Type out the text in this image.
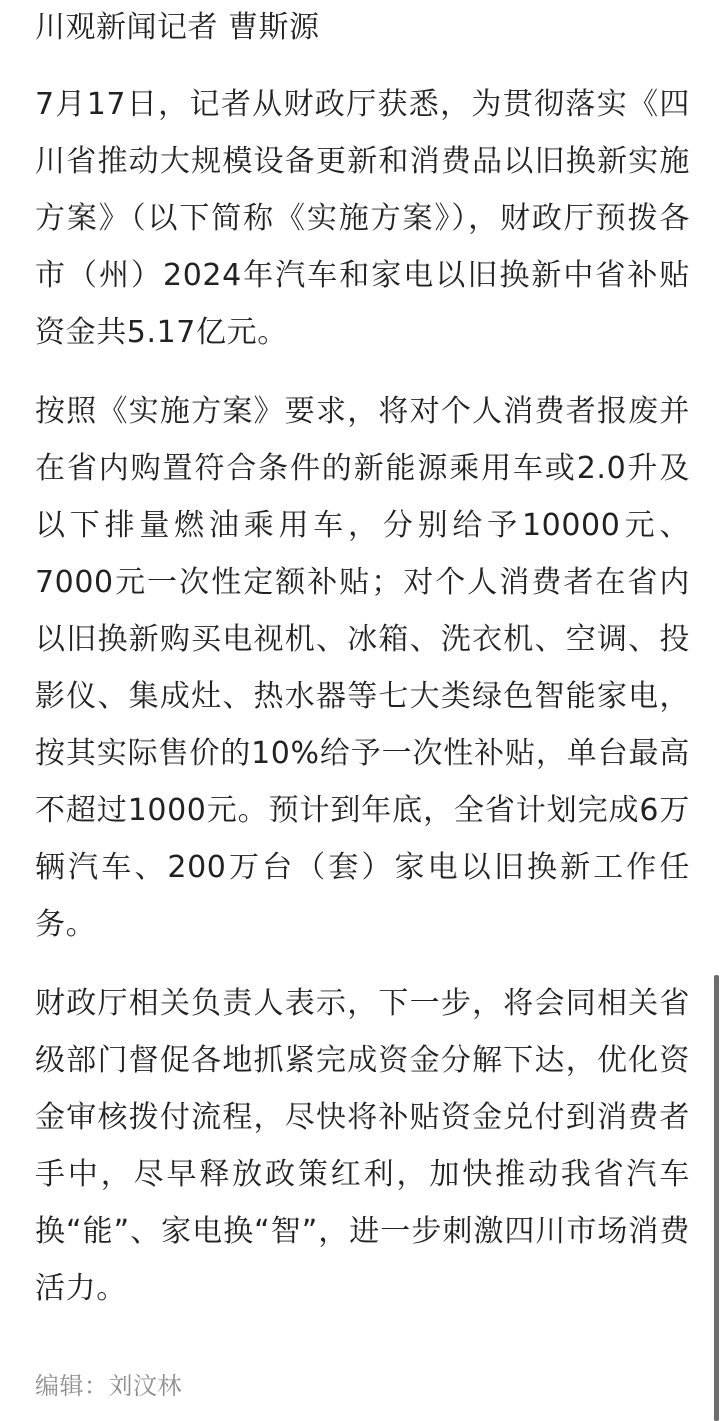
川观新闻记者 曹斯源

7月17日，记者从财政厅获悉，为贯彻落实《四川省推动大规模设备更新和消费品以旧换新实施方案》（以下简称《实施方案》），财政厅预拨各市（州）2024年汽车和家电以旧换新中省补贴资金共5.17亿元。

按照《实施方案》要求，将对个人消费者报废并在省内购置符合条件的新能源乘用车或2.0升及以下排量燃油乘用车，分别给予10000元、7000元一次性定额补贴；对个人消费者在省内以旧换新购买电视机、冰箱、洗衣机、空调、投影仪、集成灶、热水器等七大类绿色智能家电，按其实际售价的10%给予一次性补贴，单台最高不超过1000元。预计到年底，全省计划完成6万辆汽车、200万台（套）家电以旧换新工作任务。

财政厅相关负责人表示，下一步，将会同相关省级部门督促各地抓紧完成资金分解下达，优化资金审核拨付流程，尽快将补贴资金兑付到消费者手中，尽早释放政策红利，加快推动我省汽车换“能”、家电换“智”，进一步刺激四川市场消费活力。

编辑：刘汶林
